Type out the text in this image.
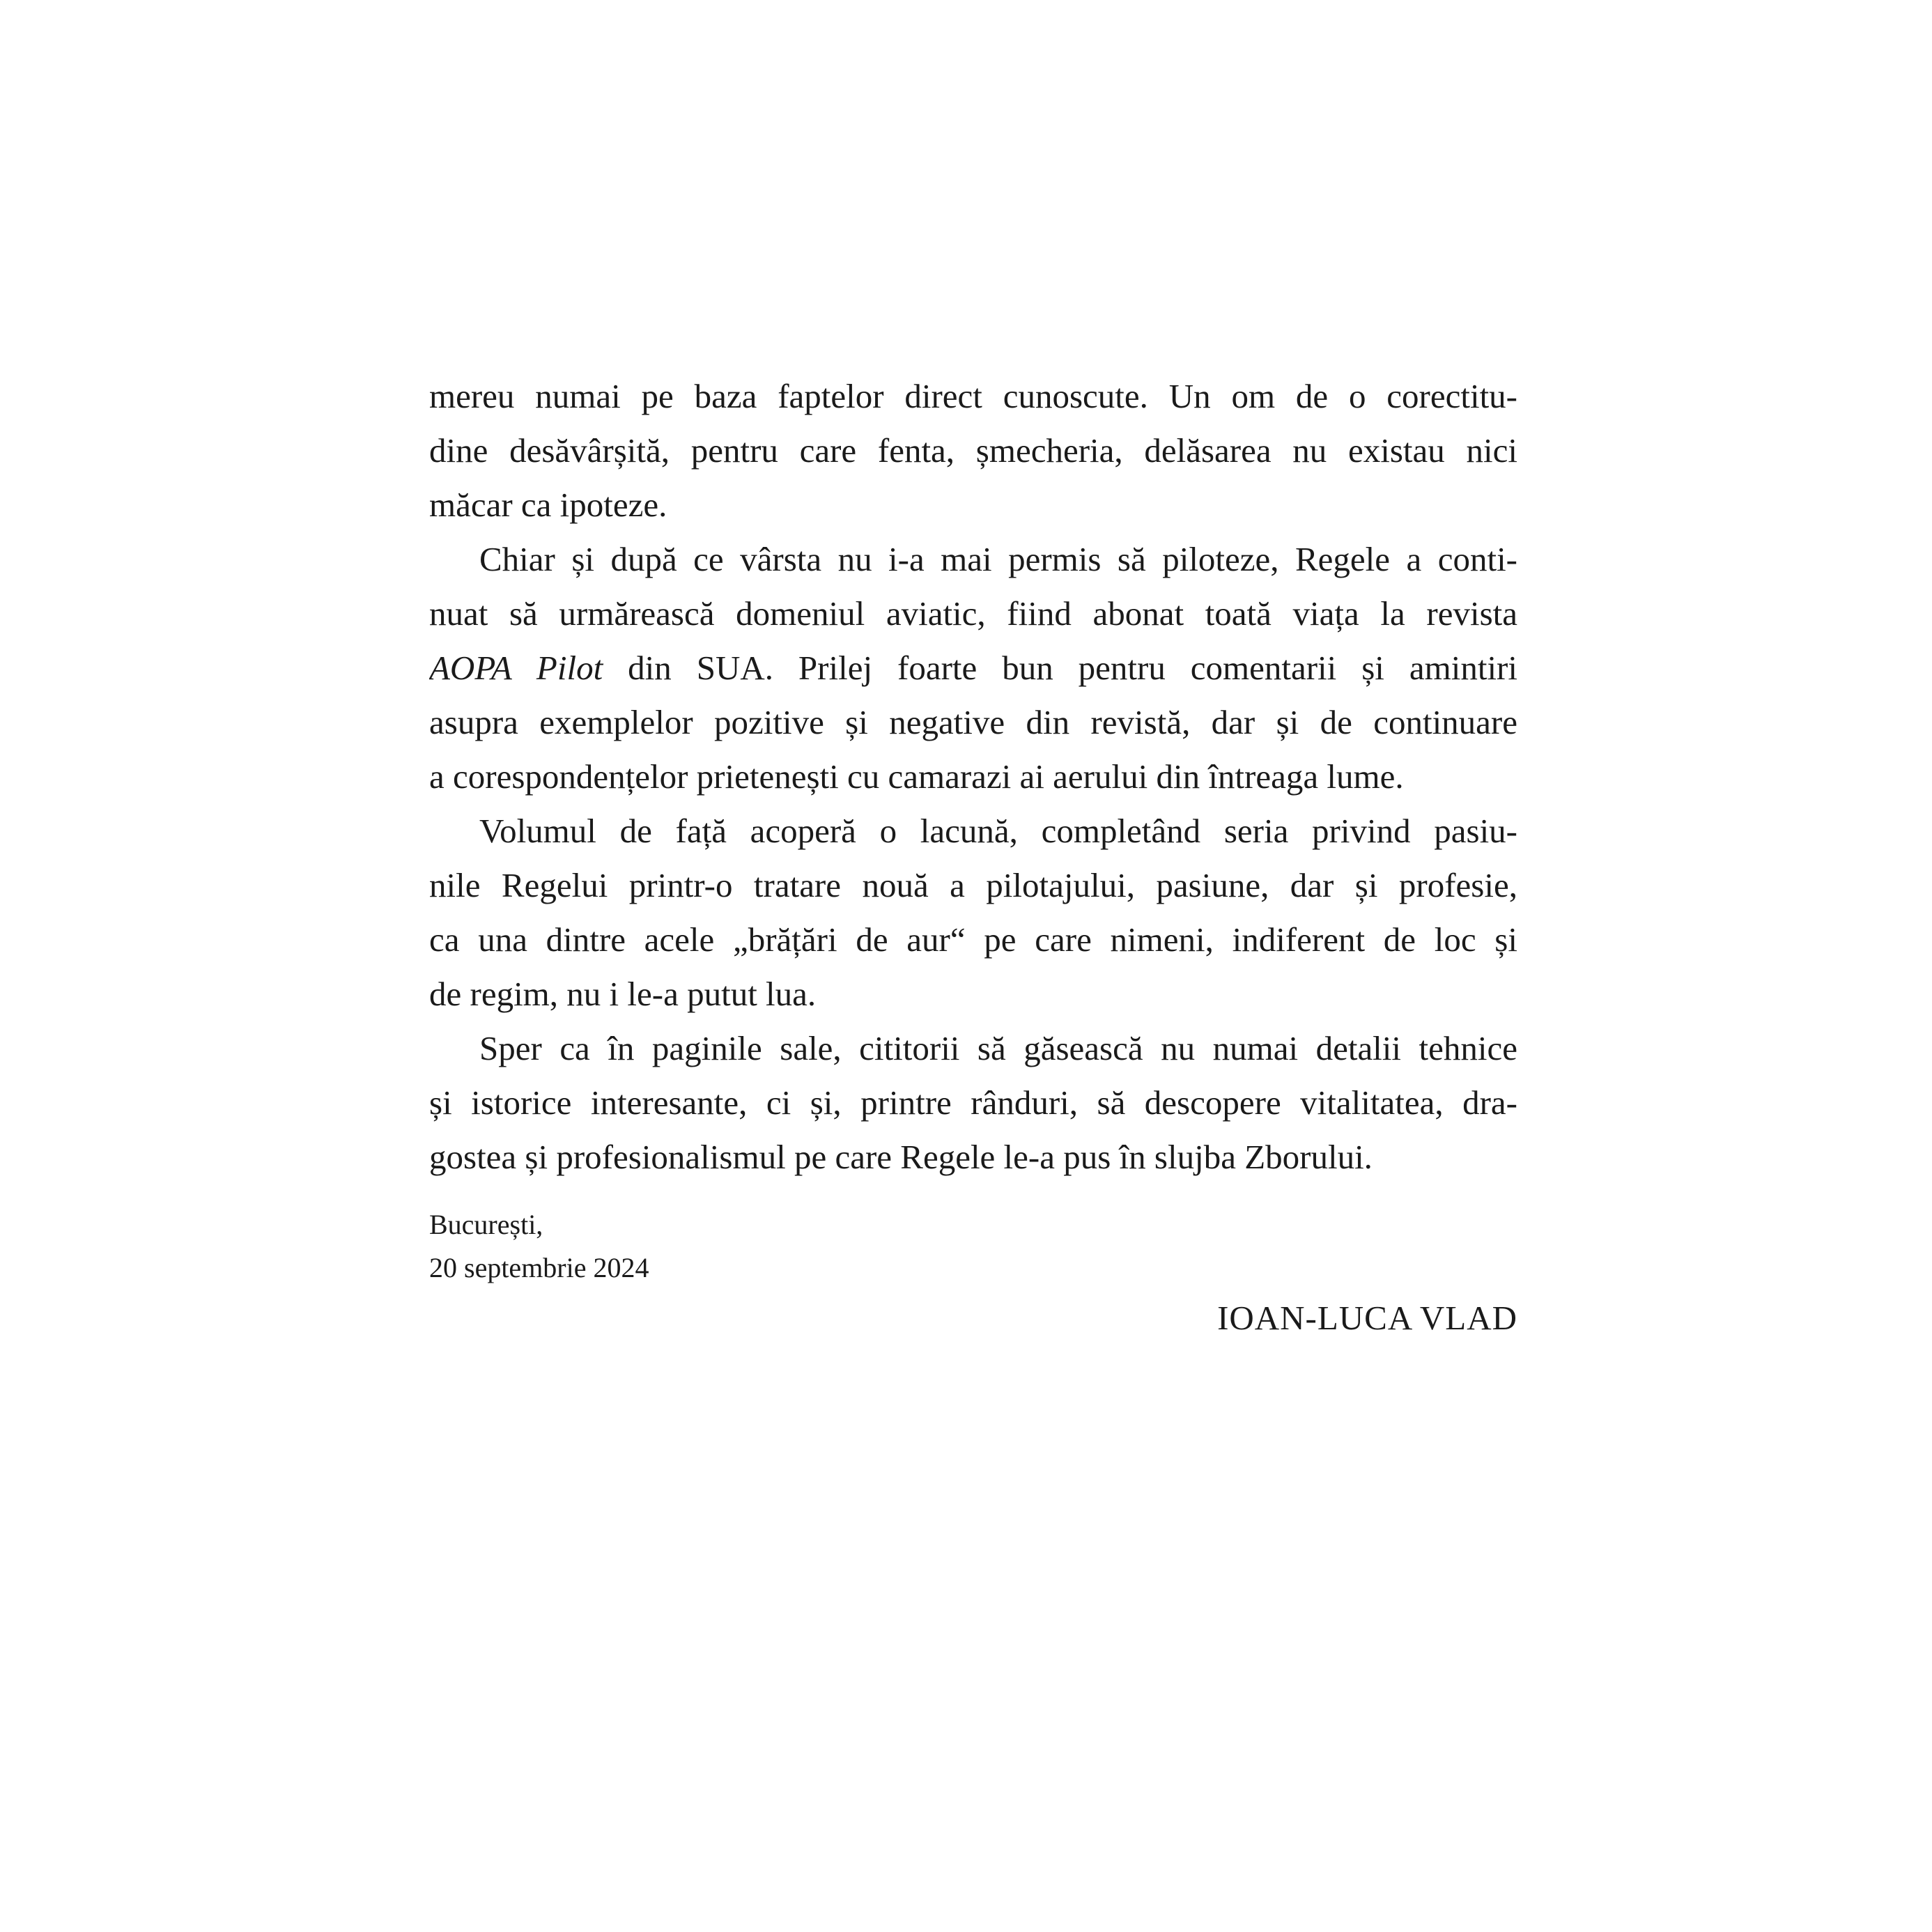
mereu numai pe baza faptelor direct cunoscute. Un om de o corectitu-
dine desăvârșită, pentru care fenta, șmecheria, delăsarea nu existau nici
măcar ca ipoteze.
Chiar și după ce vârsta nu i-a mai permis să piloteze, Regele a conti-
nuat să urmărească domeniul aviatic, fiind abonat toată viața la revista
AOPA Pilot din SUA. Prilej foarte bun pentru comentarii și amintiri
asupra exemplelor pozitive și negative din revistă, dar și de continuare
a corespondențelor prietenești cu camarazi ai aerului din întreaga lume.
Volumul de față acoperă o lacună, completând seria privind pasiu-
nile Regelui printr-o tratare nouă a pilotajului, pasiune, dar și profesie,
ca una dintre acele „brățări de aur“ pe care nimeni, indiferent de loc și
de regim, nu i le-a putut lua.
Sper ca în paginile sale, cititorii să găsească nu numai detalii tehnice
și istorice interesante, ci și, printre rânduri, să descopere vitalitatea, dra-
gostea și profesionalismul pe care Regele le-a pus în slujba Zborului.
București,
20 septembrie 2024
IOAN-LUCA VLAD
